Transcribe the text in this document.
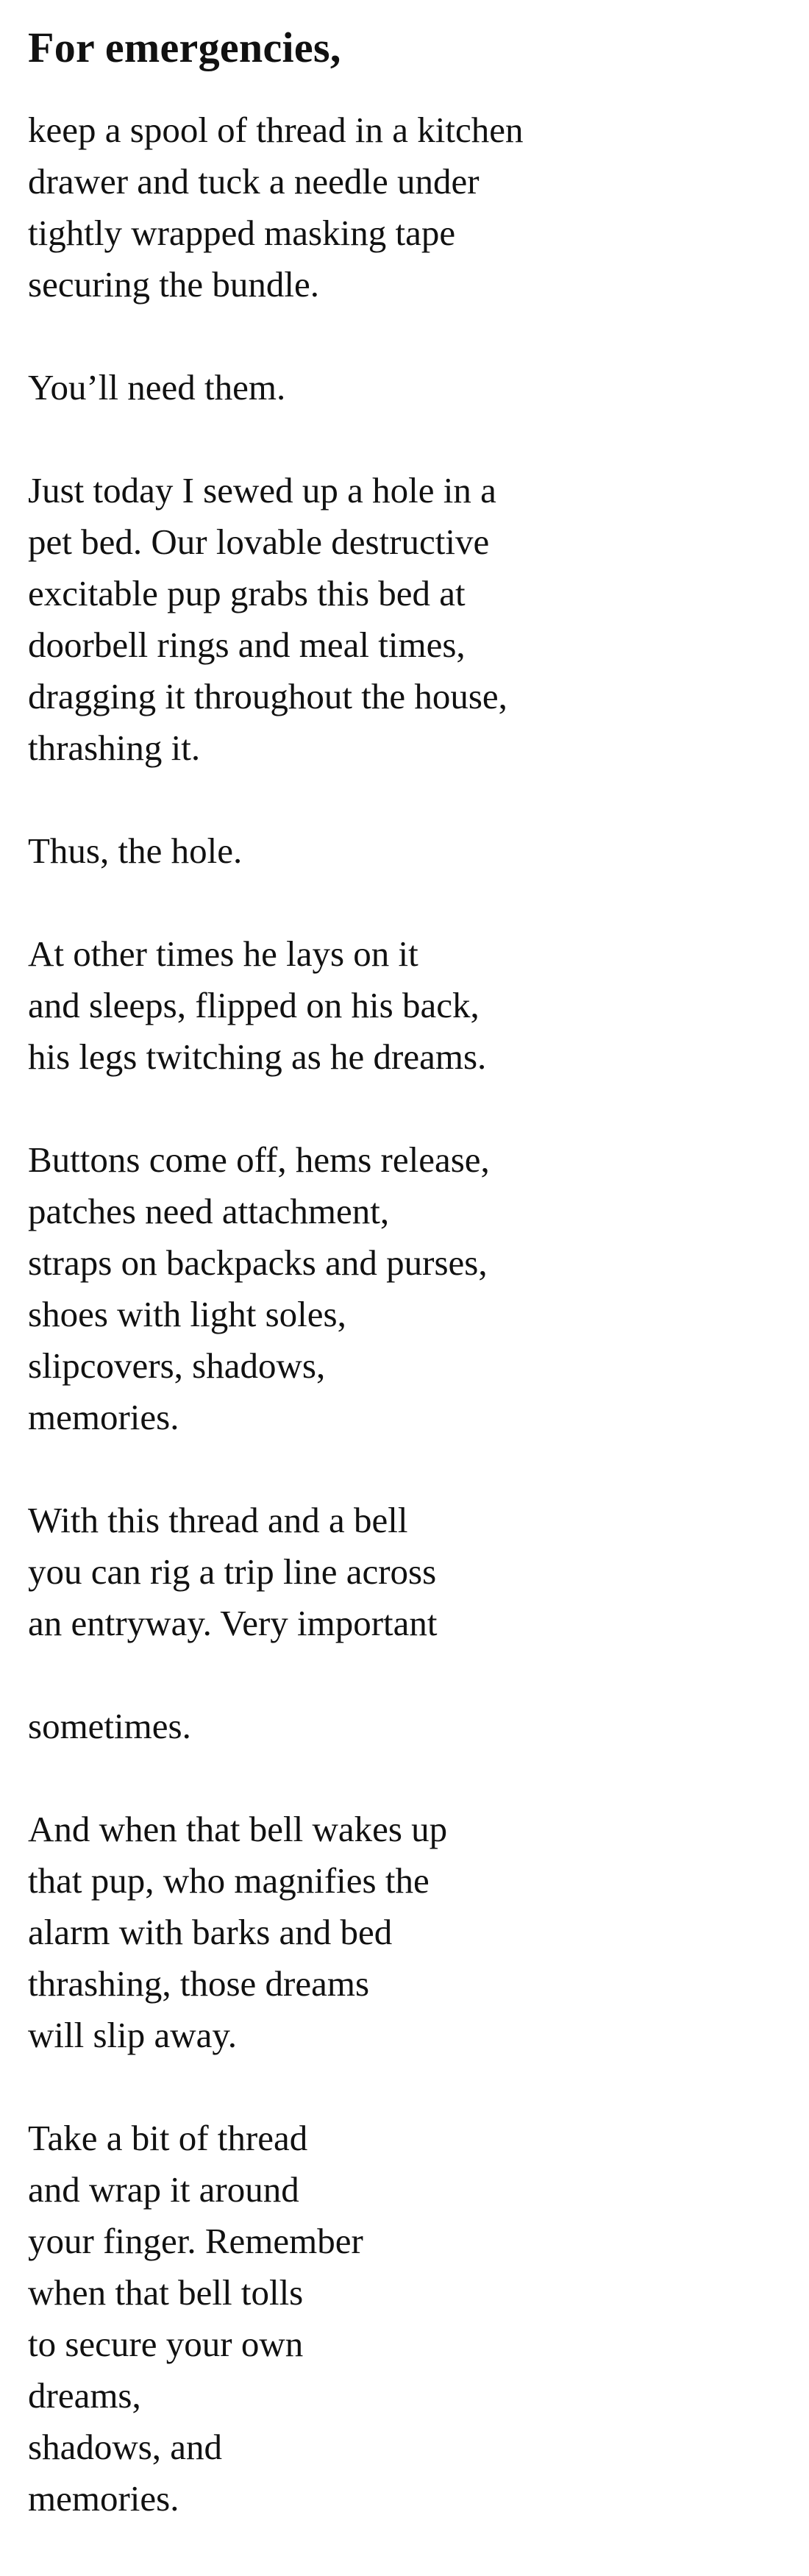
For emergencies,
keep a spool of thread in a kitchen
drawer and tuck a needle under
tightly wrapped masking tape
securing the bundle.
You’ll need them.
Just today I sewed up a hole in a
pet bed. Our lovable destructive
excitable pup grabs this bed at
doorbell rings and meal times,
dragging it throughout the house,
thrashing it.
Thus, the hole.
At other times he lays on it
and sleeps, flipped on his back,
his legs twitching as he dreams.
Buttons come off, hems release,
patches need attachment,
straps on backpacks and purses,
shoes with light soles,
slipcovers, shadows,
memories.
With this thread and a bell
you can rig a trip line across
an entryway. Very important
sometimes.
And when that bell wakes up
that pup, who magnifies the
alarm with barks and bed
thrashing, those dreams
will slip away.
Take a bit of thread
and wrap it around
your finger. Remember
when that bell tolls
to secure your own
dreams,
shadows, and
memories.
